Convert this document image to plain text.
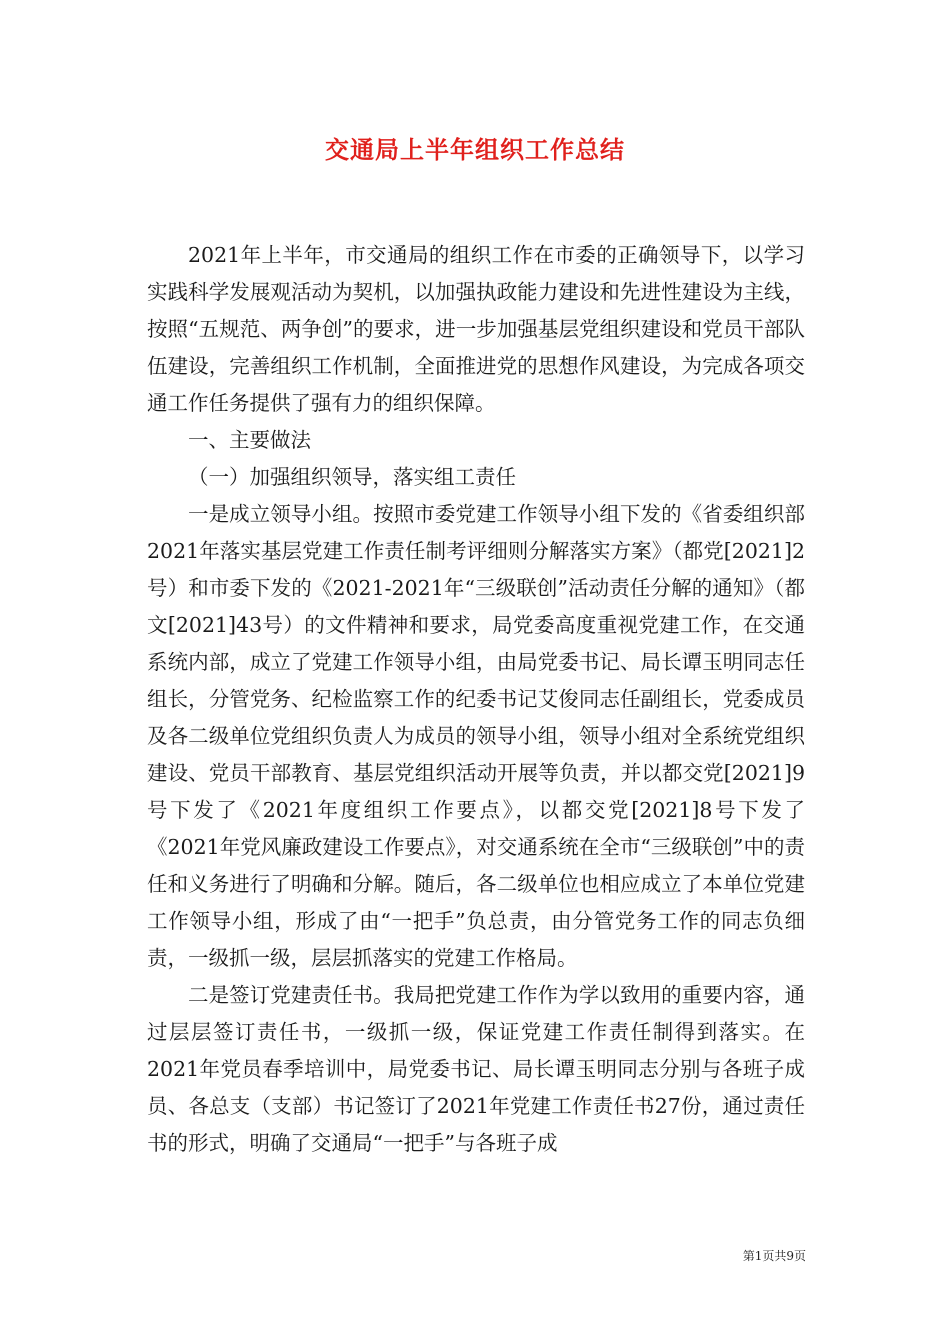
交通局上半年组织工作总结

2021年上半年，市交通局的组织工作在市委的正确领导下，以学习实践科学发展观活动为契机，以加强执政能力建设和先进性建设为主线，按照“五规范、两争创”的要求，进一步加强基层党组织建设和党员干部队伍建设，完善组织工作机制，全面推进党的思想作风建设，为完成各项交通工作任务提供了强有力的组织保障。

一、主要做法

（一）加强组织领导，落实组工责任

一是成立领导小组。按照市委党建工作领导小组下发的《省委组织部2021年落实基层党建工作责任制考评细则分解落实方案》（都党[2021]2号）和市委下发的《2021-2021年“三级联创”活动责任分解的通知》（都文[2021]43号）的文件精神和要求，局党委高度重视党建工作，在交通系统内部，成立了党建工作领导小组，由局党委书记、局长谭玉明同志任组长，分管党务、纪检监察工作的纪委书记艾俊同志任副组长，党委成员及各二级单位党组织负责人为成员的领导小组，领导小组对全系统党组织建设、党员干部教育、基层党组织活动开展等负责，并以都交党[2021]9号下发了《2021年度组织工作要点》，以都交党[2021]8号下发了《2021年党风廉政建设工作要点》，对交通系统在全市“三级联创”中的责任和义务进行了明确和分解。随后，各二级单位也相应成立了本单位党建工作领导小组，形成了由“一把手”负总责，由分管党务工作的同志负细责，一级抓一级，层层抓落实的党建工作格局。

二是签订党建责任书。我局把党建工作作为学以致用的重要内容，通过层层签订责任书，一级抓一级，保证党建工作责任制得到落实。在2021年党员春季培训中，局党委书记、局长谭玉明同志分别与各班子成员、各总支（支部）书记签订了2021年党建工作责任书27份，通过责任书的形式，明确了交通局“一把手”与各班子成

第1页共9页
